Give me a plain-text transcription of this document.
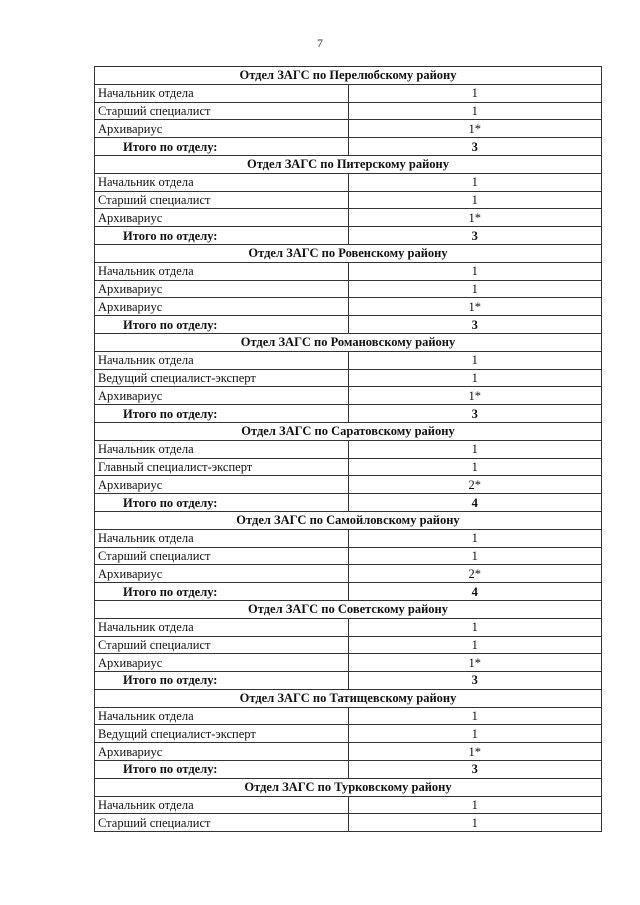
7
Отдел ЗАГС по Перелюбскому району	
Начальник отдела	1
Старший специалист	1
Архивариус	1*
Итого по отделу:	3
Отдел ЗАГС по Питерскому району	
Начальник отдела	1
Старший специалист	1
Архивариус	1*
Итого по отделу:	3
Отдел ЗАГС по Ровенскому району	
Начальник отдела	1
Архивариус	1
Архивариус	1*
Итого по отделу:	3
Отдел ЗАГС по Романовскому району	
Начальник отдела	1
Ведущий специалист-эксперт	1
Архивариус	1*
Итого по отделу:	3
Отдел ЗАГС по Саратовскому району	
Начальник отдела	1
Главный специалист-эксперт	1
Архивариус	2*
Итого по отделу:	4
Отдел ЗАГС по Самойловскому району	
Начальник отдела	1
Старший специалист	1
Архивариус	2*
Итого по отделу:	4
Отдел ЗАГС по Советскому району	
Начальник отдела	1
Старший специалист	1
Архивариус	1*
Итого по отделу:	3
Отдел ЗАГС по Татищевскому району	
Начальник отдела	1
Ведущий специалист-эксперт	1
Архивариус	1*
Итого по отделу:	3
Отдел ЗАГС по Турковскому району	
Начальник отдела	1
Старший специалист	1
